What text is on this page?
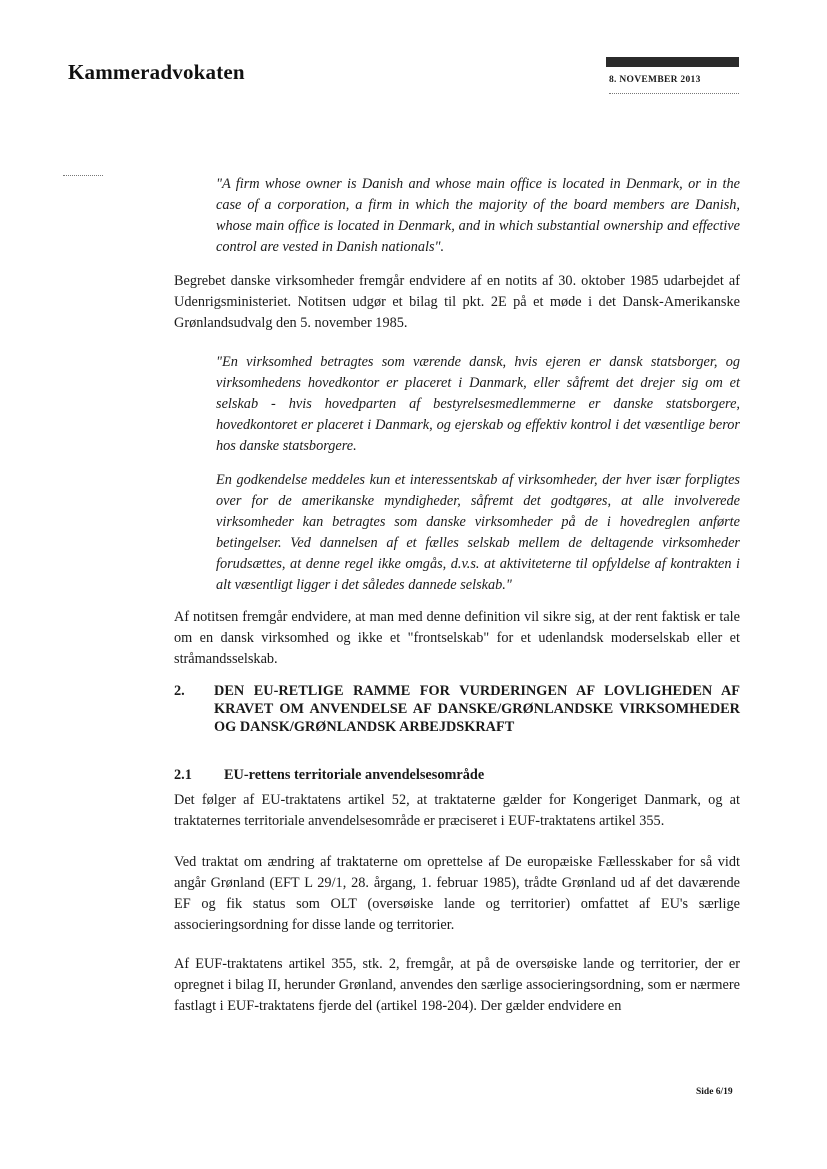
Kammeradvokaten	8. NOVEMBER 2013

"A firm whose owner is Danish and whose main office is located in Denmark, or in the case of a corporation, a firm in which the majority of the board members are Danish, whose main office is located in Denmark, and in which substantial ownership and effective control are vested in Danish nationals".

Begrebet danske virksomheder fremgår endvidere af en notits af 30. oktober 1985 udarbejdet af Udenrigsministeriet. Notitsen udgør et bilag til pkt. 2E på et møde i det Dansk-Amerikanske Grønlandsudvalg den 5. november 1985.

"En virksomhed betragtes som værende dansk, hvis ejeren er dansk statsborger, og virksomhedens hovedkontor er placeret i Danmark, eller såfremt det drejer sig om et selskab - hvis hovedparten af bestyrelsesmedlemmerne er danske statsborgere, hovedkontoret er placeret i Danmark, og ejerskab og effektiv kontrol i det væsentlige beror hos danske statsborgere.

En godkendelse meddeles kun et interessentskab af virksomheder, der hver især forpligtes over for de amerikanske myndigheder, såfremt det godtgøres, at alle involverede virksomheder kan betragtes som danske virksomheder på de i hovedreglen anførte betingelser. Ved dannelsen af et fælles selskab mellem de deltagende virksomheder forudsættes, at denne regel ikke omgås, d.v.s. at aktiviteterne til opfyldelse af kontrakten i alt væsentligt ligger i det således dannede selskab."

Af notitsen fremgår endvidere, at man med denne definition vil sikre sig, at der rent faktisk er tale om en dansk virksomhed og ikke et "frontselskab" for et udenlandsk moderselskab eller et stråmandsselskab.

2. DEN EU-RETLIGE RAMME FOR VURDERINGEN AF LOVLIGHEDEN AF KRAVET OM ANVENDELSE AF DANSKE/GRØNLANDSKE VIRKSOMHEDER OG DANSK/GRØNLANDSK ARBEJDSKRAFT
2.1 EU-rettens territoriale anvendelsesområde

Det følger af EU-traktatens artikel 52, at traktaterne gælder for Kongeriget Danmark, og at traktaternes territoriale anvendelsesområde er præciseret i EUF-traktatens artikel 355.

Ved traktat om ændring af traktaterne om oprettelse af De europæiske Fællesskaber for så vidt angår Grønland (EFT L 29/1, 28. årgang, 1. februar 1985), trådte Grønland ud af det daværende EF og fik status som OLT (oversøiske lande og territorier) omfattet af EU's særlige associeringsordning for disse lande og territorier.

Af EUF-traktatens artikel 355, stk. 2, fremgår, at på de oversøiske lande og territorier, der er opregnet i bilag II, herunder Grønland, anvendes den særlige associeringsordning, som er nærmere fastlagt i EUF-traktatens fjerde del (artikel 198-204). Der gælder endvidere en

Side 6/19
